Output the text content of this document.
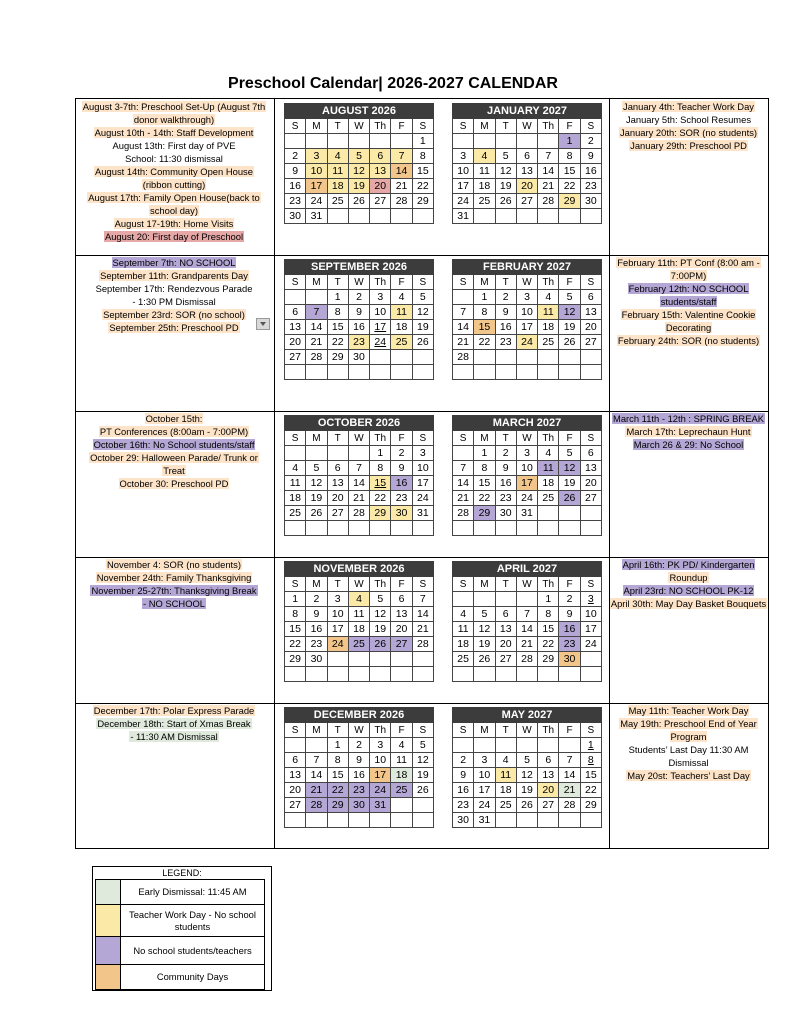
Preschool Calendar| 2026-2027 CALENDAR
August 3-7th: Preschool Set-Up (August 7th
donor walkthrough)
August 10th - 14th: Staff Development
August 13th: First day of PVE
School: 11:30 dismissal
August 14th: Community Open House
(ribbon cutting)
August 17th: Family Open House(back to
school day)
August 17-19th: Home Visits
August 20: First day of Preschool
January 4th: Teacher Work Day
January 5th: School Resumes
January 20th: SOR (no students)
January 29th: Preschool PD
AUGUST 2026						
S	M	T	W	Th	F	S
						1
2	3	4	5	6	7	8
9	10	11	12	13	14	15
16	17	18	19	20	21	22
23	24	25	26	27	28	29
30	31					
JANUARY 2027						
S	M	T	W	Th	F	S
					1	2
3	4	5	6	7	8	9
10	11	12	13	14	15	16
17	18	19	20	21	22	23
24	25	26	27	28	29	30
31						
September 7th: NO SCHOOL
September 11th: Grandparents Day
September 17th: Rendezvous Parade
- 1:30 PM Dismissal
September 23rd: SOR (no school)
September 25th: Preschool PD
February 11th: PT Conf (8:00 am -
7:00PM)
February 12th: NO SCHOOL
students/staff
February 15th: Valentine Cookie
Decorating
February 24th: SOR (no students)
SEPTEMBER 2026						
S	M	T	W	Th	F	S
		1	2	3	4	5
6	7	8	9	10	11	12
13	14	15	16	17	18	19
20	21	22	23	24	25	26
27	28	29	30			

FEBRUARY 2027						
S	M	T	W	Th	F	S
	1	2	3	4	5	6
7	8	9	10	11	12	13
14	15	16	17	18	19	20
21	22	23	24	25	26	27
28						

October 15th:
PT Conferences (8:00am - 7:00PM)
October 16th: No School students/staff
October 29: Halloween Parade/ Trunk or
Treat
October 30: Preschool PD
March 11th - 12th : SPRING BREAK
March 17th: Leprechaun Hunt
March 26 & 29: No School
OCTOBER 2026						
S	M	T	W	Th	F	S
				1	2	3
4	5	6	7	8	9	10
11	12	13	14	15	16	17
18	19	20	21	22	23	24
25	26	27	28	29	30	31

MARCH 2027						
S	M	T	W	Th	F	S
	1	2	3	4	5	6
7	8	9	10	11	12	13
14	15	16	17	18	19	20
21	22	23	24	25	26	27
28	29	30	31			

November 4: SOR (no students)
November 24th: Family Thanksgiving
November 25-27th: Thanksgiving Break
- NO SCHOOL
April 16th: PK PD/ Kindergarten
Roundup
April 23rd: NO SCHOOL PK-12
April 30th: May Day Basket Bouquets
NOVEMBER 2026						
S	M	T	W	Th	F	S
1	2	3	4	5	6	7
8	9	10	11	12	13	14
15	16	17	18	19	20	21
22	23	24	25	26	27	28
29	30					

APRIL 2027						
S	M	T	W	Th	F	S
				1	2	3
4	5	6	7	8	9	10
11	12	13	14	15	16	17
18	19	20	21	22	23	24
25	26	27	28	29	30	

December 17th: Polar Express Parade
December 18th: Start of Xmas Break
- 11:30 AM Dismissal
May 11th: Teacher Work Day
May 19th: Preschool End of Year
Program
Students’ Last Day 11:30 AM
Dismissal
May 20st: Teachers’ Last Day
DECEMBER 2026						
S	M	T	W	Th	F	S
		1	2	3	4	5
6	7	8	9	10	11	12
13	14	15	16	17	18	19
20	21	22	23	24	25	26
27	28	29	30	31		

MAY 2027						
S	M	T	W	Th	F	S
						1
2	3	4	5	6	7	8
9	10	11	12	13	14	15
16	17	18	19	20	21	22
23	24	25	26	27	28	29
30	31					
LEGEND:
Early Dismissal: 11:45 AM
Teacher Work Day - No school students
No school students/teachers
Community Days
